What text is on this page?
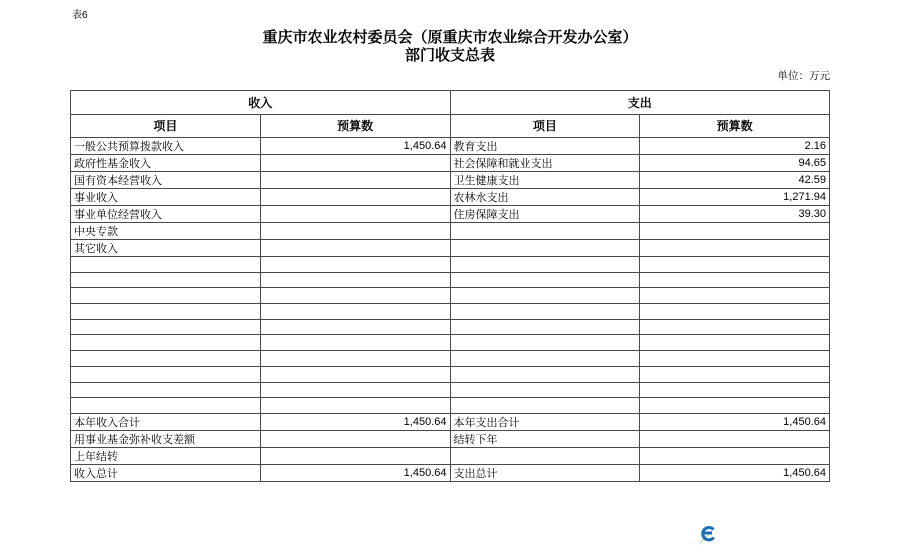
表6
重庆市农业农村委员会（原重庆市农业综合开发办公室）
部门收支总表
单位：万元
收入		支出	
项目	预算数	项目	预算数
一般公共预算拨款收入	1,450.64	教育支出	2.16
政府性基金收入		社会保障和就业支出	94.65
国有资本经营收入		卫生健康支出	42.59
事业收入		农林水支出	1,271.94
事业单位经营收入		住房保障支出	39.30
中央专款			
其它收入			

本年收入合计	1,450.64	本年支出合计	1,450.64
用事业基金弥补收支差额		结转下年	
上年结转			
收入总计	1,450.64	支出总计	1,450.64
